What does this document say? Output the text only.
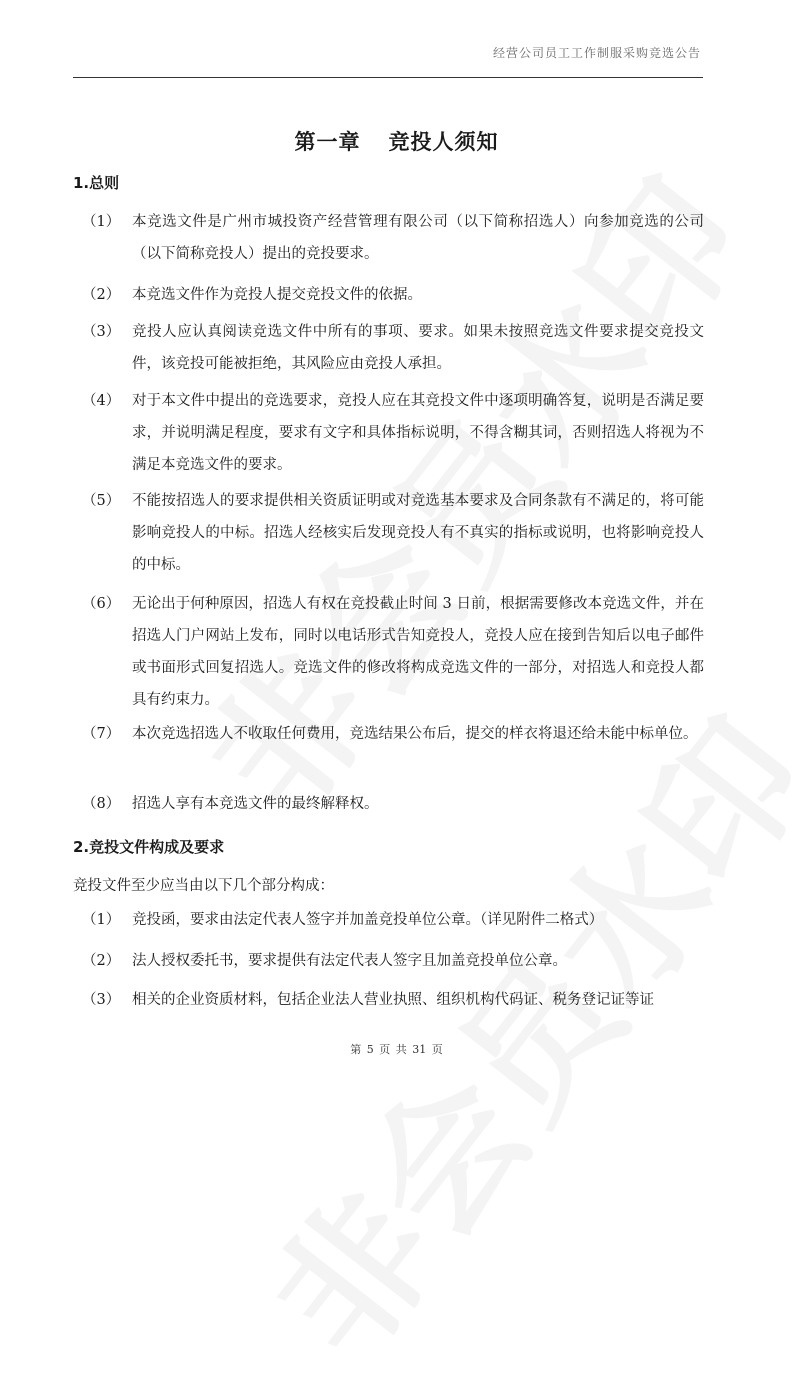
经营公司员工工作制服采购竞选公告
第一章 竞投人须知
1.总则
（1） 本竞选文件是广州市城投资产经营管理有限公司（以下简称招选人）向参加竞选的公司（以下简称竞投人）提出的竞投要求。
（2） 本竞选文件作为竞投人提交竞投文件的依据。
（3） 竞投人应认真阅读竞选文件中所有的事项、要求。如果未按照竞选文件要求提交竞投文件，该竞投可能被拒绝，其风险应由竞投人承担。
（4） 对于本文件中提出的竞选要求，竞投人应在其竞投文件中逐项明确答复，说明是否满足要求，并说明满足程度，要求有文字和具体指标说明，不得含糊其词，否则招选人将视为不满足本竞选文件的要求。
（5） 不能按招选人的要求提供相关资质证明或对竞选基本要求及合同条款有不满足的，将可能影响竞投人的中标。招选人经核实后发现竞投人有不真实的指标或说明，也将影响竞投人的中标。
（6） 无论出于何种原因，招选人有权在竞投截止时间 3 日前，根据需要修改本竞选文件，并在招选人门户网站上发布，同时以电话形式告知竞投人，竞投人应在接到告知后以电子邮件或书面形式回复招选人。竞选文件的修改将构成竞选文件的一部分，对招选人和竞投人都具有约束力。
（7） 本次竞选招选人不收取任何费用，竞选结果公布后，提交的样衣将退还给未能中标单位。
（8） 招选人享有本竞选文件的最终解释权。
2.竞投文件构成及要求
竞投文件至少应当由以下几个部分构成：
（1） 竞投函，要求由法定代表人签字并加盖竞投单位公章。（详见附件二格式）
（2） 法人授权委托书，要求提供有法定代表人签字且加盖竞投单位公章。
（3） 相关的企业资质材料，包括企业法人营业执照、组织机构代码证、税务登记证等证
第 5 页 共 31 页
